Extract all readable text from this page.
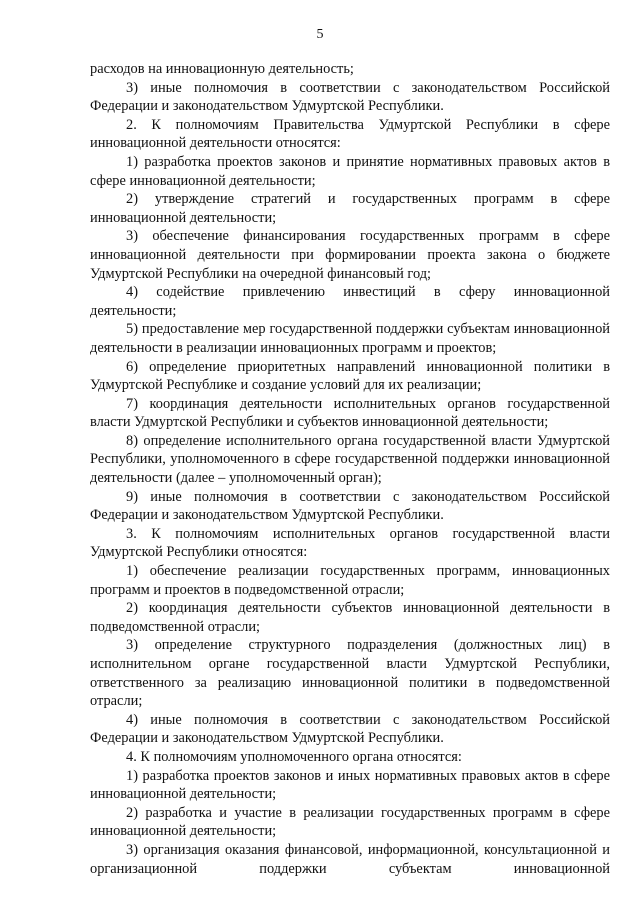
5

расходов на инновационную деятельность;

3) иные полномочия в соответствии с законодательством Российской Федерации и законодательством Удмуртской Республики.

2. К полномочиям Правительства Удмуртской Республики в сфере инновационной деятельности относятся:

1) разработка проектов законов и принятие нормативных правовых актов в сфере инновационной деятельности;

2) утверждение стратегий и государственных программ в сфере инновационной деятельности;

3) обеспечение финансирования государственных программ в сфере инновационной деятельности при формировании проекта закона о бюджете Удмуртской Республики на очередной финансовый год;

4) содействие привлечению инвестиций в сферу инновационной деятельности;

5) предоставление мер государственной поддержки субъектам инновационной деятельности в реализации инновационных программ и проектов;

6) определение приоритетных направлений инновационной политики в Удмуртской Республике и создание условий для их реализации;

7) координация деятельности исполнительных органов государственной власти Удмуртской Республики и субъектов инновационной деятельности;

8) определение исполнительного органа государственной власти Удмуртской Республики, уполномоченного в сфере государственной поддержки инновационной деятельности (далее – уполномоченный орган);

9) иные полномочия в соответствии с законодательством Российской Федерации и законодательством Удмуртской Республики.

3. К полномочиям исполнительных органов государственной власти Удмуртской Республики относятся:

1) обеспечение реализации государственных программ, инновационных программ и проектов в подведомственной отрасли;

2) координация деятельности субъектов инновационной деятельности в подведомственной отрасли;

3) определение структурного подразделения (должностных лиц) в исполнительном органе государственной власти Удмуртской Республики, ответственного за реализацию инновационной политики в подведомственной отрасли;

4) иные полномочия в соответствии с законодательством Российской Федерации и законодательством Удмуртской Республики.

4. К полномочиям уполномоченного органа относятся:

1) разработка проектов законов и иных нормативных правовых актов в сфере инновационной деятельности;

2) разработка и участие в реализации государственных программ в сфере инновационной деятельности;

3) организация оказания финансовой, информационной, консультационной и организационной поддержки субъектам инновационной
